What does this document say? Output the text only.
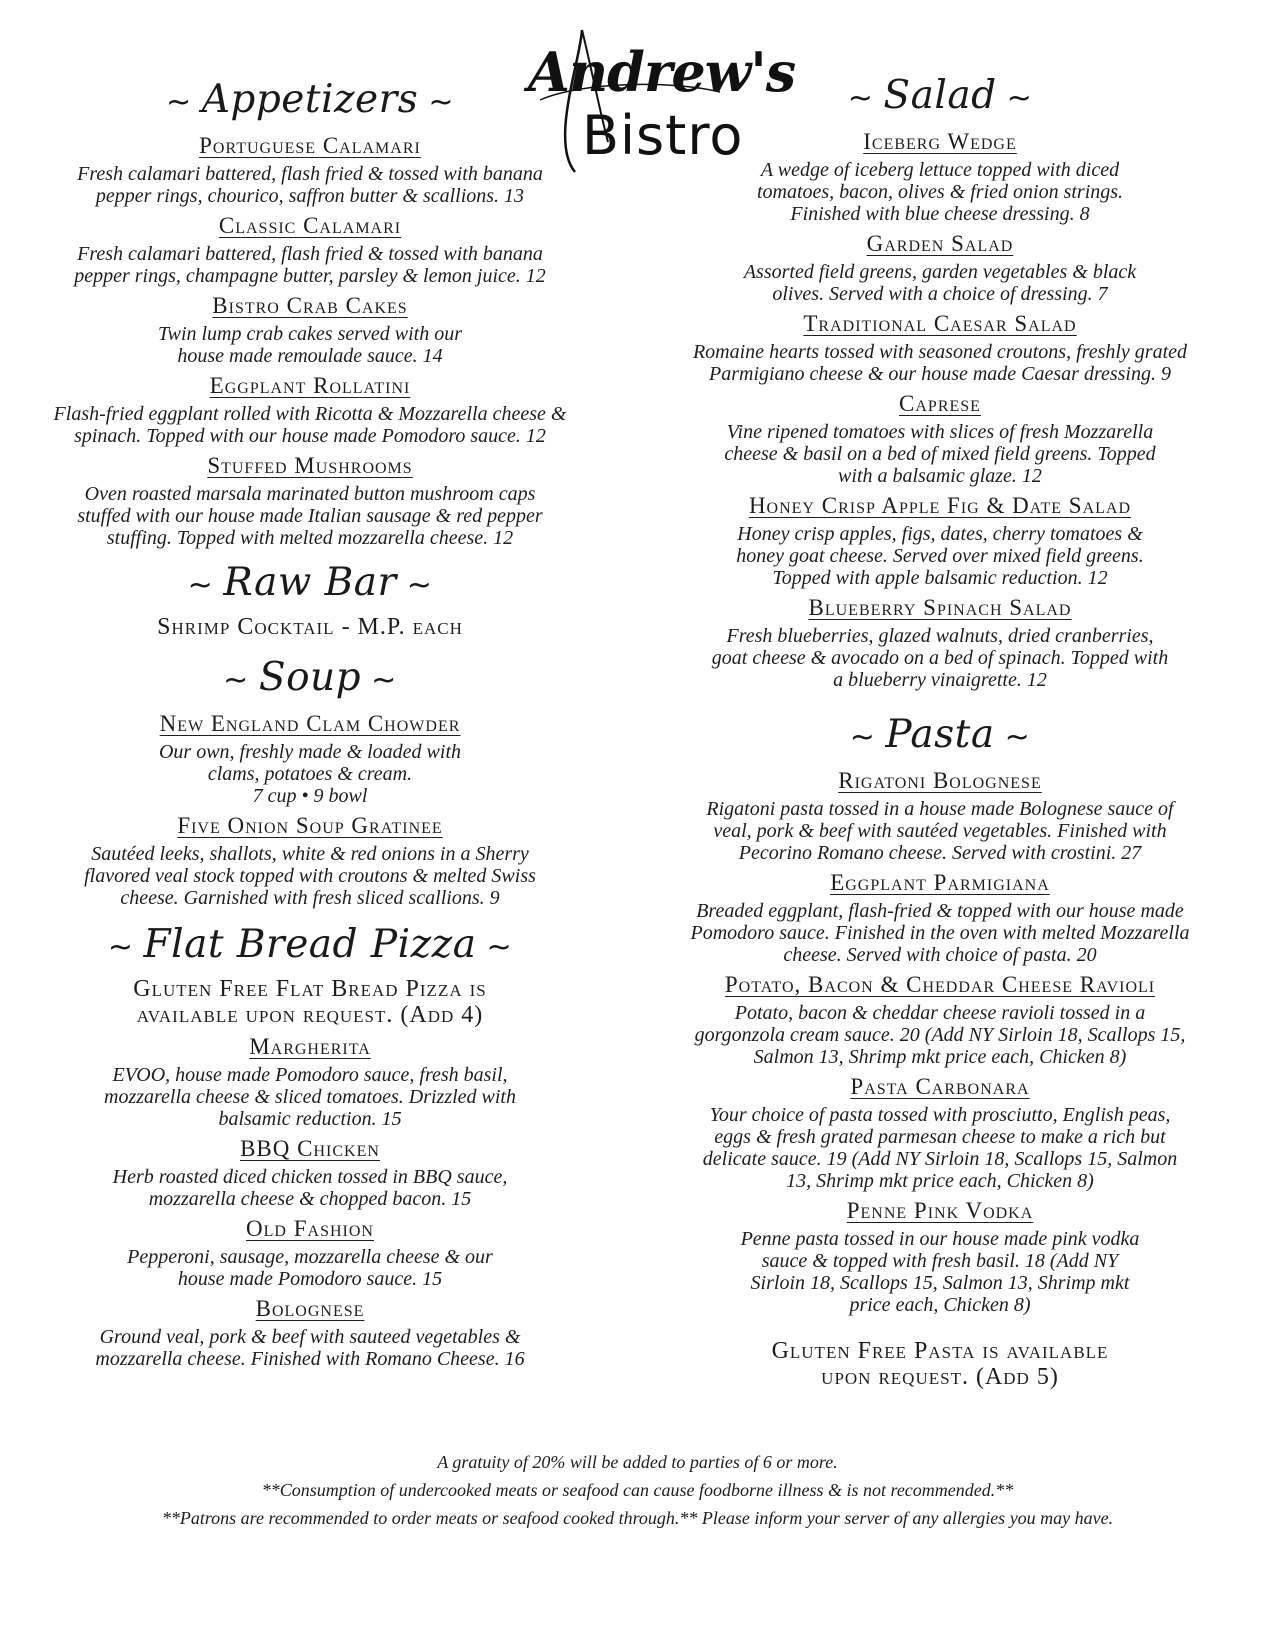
Andrew's
Bistro
~ Appetizers ~
Portuguese Calamari
Fresh calamari battered, flash fried & tossed with banana pepper rings, chourico, saffron butter & scallions. 13
Classic Calamari
Fresh calamari battered, flash fried & tossed with banana pepper rings, champagne butter, parsley & lemon juice. 12
Bistro Crab Cakes
Twin lump crab cakes served with our house made remoulade sauce. 14
Eggplant Rollatini
Flash-fried eggplant rolled with Ricotta & Mozzarella cheese & spinach. Topped with our house made Pomodoro sauce. 12
Stuffed Mushrooms
Oven roasted marsala marinated button mushroom caps stuffed with our house made Italian sausage & red pepper stuffing. Topped with melted mozzarella cheese. 12
~ Raw Bar ~
Shrimp Cocktail - M.P. each
~ Soup ~
New England Clam Chowder
Our own, freshly made & loaded with clams, potatoes & cream.
7 cup • 9 bowl
Five Onion Soup Gratinee
Sautéed leeks, shallots, white & red onions in a Sherry flavored veal stock topped with croutons & melted Swiss cheese. Garnished with fresh sliced scallions. 9
~ Flat Bread Pizza ~
Gluten Free Flat Bread Pizza is available upon request. (Add 4)
Margherita
EVOO, house made Pomodoro sauce, fresh basil, mozzarella cheese & sliced tomatoes. Drizzled with balsamic reduction. 15
BBQ Chicken
Herb roasted diced chicken tossed in BBQ sauce, mozzarella cheese & chopped bacon. 15
Old Fashion
Pepperoni, sausage, mozzarella cheese & our house made Pomodoro sauce. 15
Bolognese
Ground veal, pork & beef with sauteed vegetables & mozzarella cheese. Finished with Romano Cheese. 16
~ Salad ~
Iceberg Wedge
A wedge of iceberg lettuce topped with diced tomatoes, bacon, olives & fried onion strings. Finished with blue cheese dressing. 8
Garden Salad
Assorted field greens, garden vegetables & black olives. Served with a choice of dressing. 7
Traditional Caesar Salad
Romaine hearts tossed with seasoned croutons, freshly grated Parmigiano cheese & our house made Caesar dressing. 9
Caprese
Vine ripened tomatoes with slices of fresh Mozzarella cheese & basil on a bed of mixed field greens. Topped with a balsamic glaze. 12
Honey Crisp Apple Fig & Date Salad
Honey crisp apples, figs, dates, cherry tomatoes & honey goat cheese. Served over mixed field greens. Topped with apple balsamic reduction. 12
Blueberry Spinach Salad
Fresh blueberries, glazed walnuts, dried cranberries, goat cheese & avocado on a bed of spinach. Topped with a blueberry vinaigrette. 12
~ Pasta ~
Rigatoni Bolognese
Rigatoni pasta tossed in a house made Bolognese sauce of veal, pork & beef with sautéed vegetables. Finished with Pecorino Romano cheese. Served with crostini. 27
Eggplant Parmigiana
Breaded eggplant, flash-fried & topped with our house made Pomodoro sauce. Finished in the oven with melted Mozzarella cheese. Served with choice of pasta. 20
Potato, Bacon & Cheddar Cheese Ravioli
Potato, bacon & cheddar cheese ravioli tossed in a gorgonzola cream sauce. 20 (Add NY Sirloin 18, Scallops 15, Salmon 13, Shrimp mkt price each, Chicken 8)
Pasta Carbonara
Your choice of pasta tossed with prosciutto, English peas, eggs & fresh grated parmesan cheese to make a rich but delicate sauce. 19 (Add NY Sirloin 18, Scallops 15, Salmon 13, Shrimp mkt price each, Chicken 8)
Penne Pink Vodka
Penne pasta tossed in our house made pink vodka sauce & topped with fresh basil. 18 (Add NY Sirloin 18, Scallops 15, Salmon 13, Shrimp mkt price each, Chicken 8)
Gluten Free Pasta is available upon request. (Add 5)
A gratuity of 20% will be added to parties of 6 or more.
**Consumption of undercooked meats or seafood can cause foodborne illness & is not recommended.**
**Patrons are recommended to order meats or seafood cooked through.** Please inform your server of any allergies you may have.
